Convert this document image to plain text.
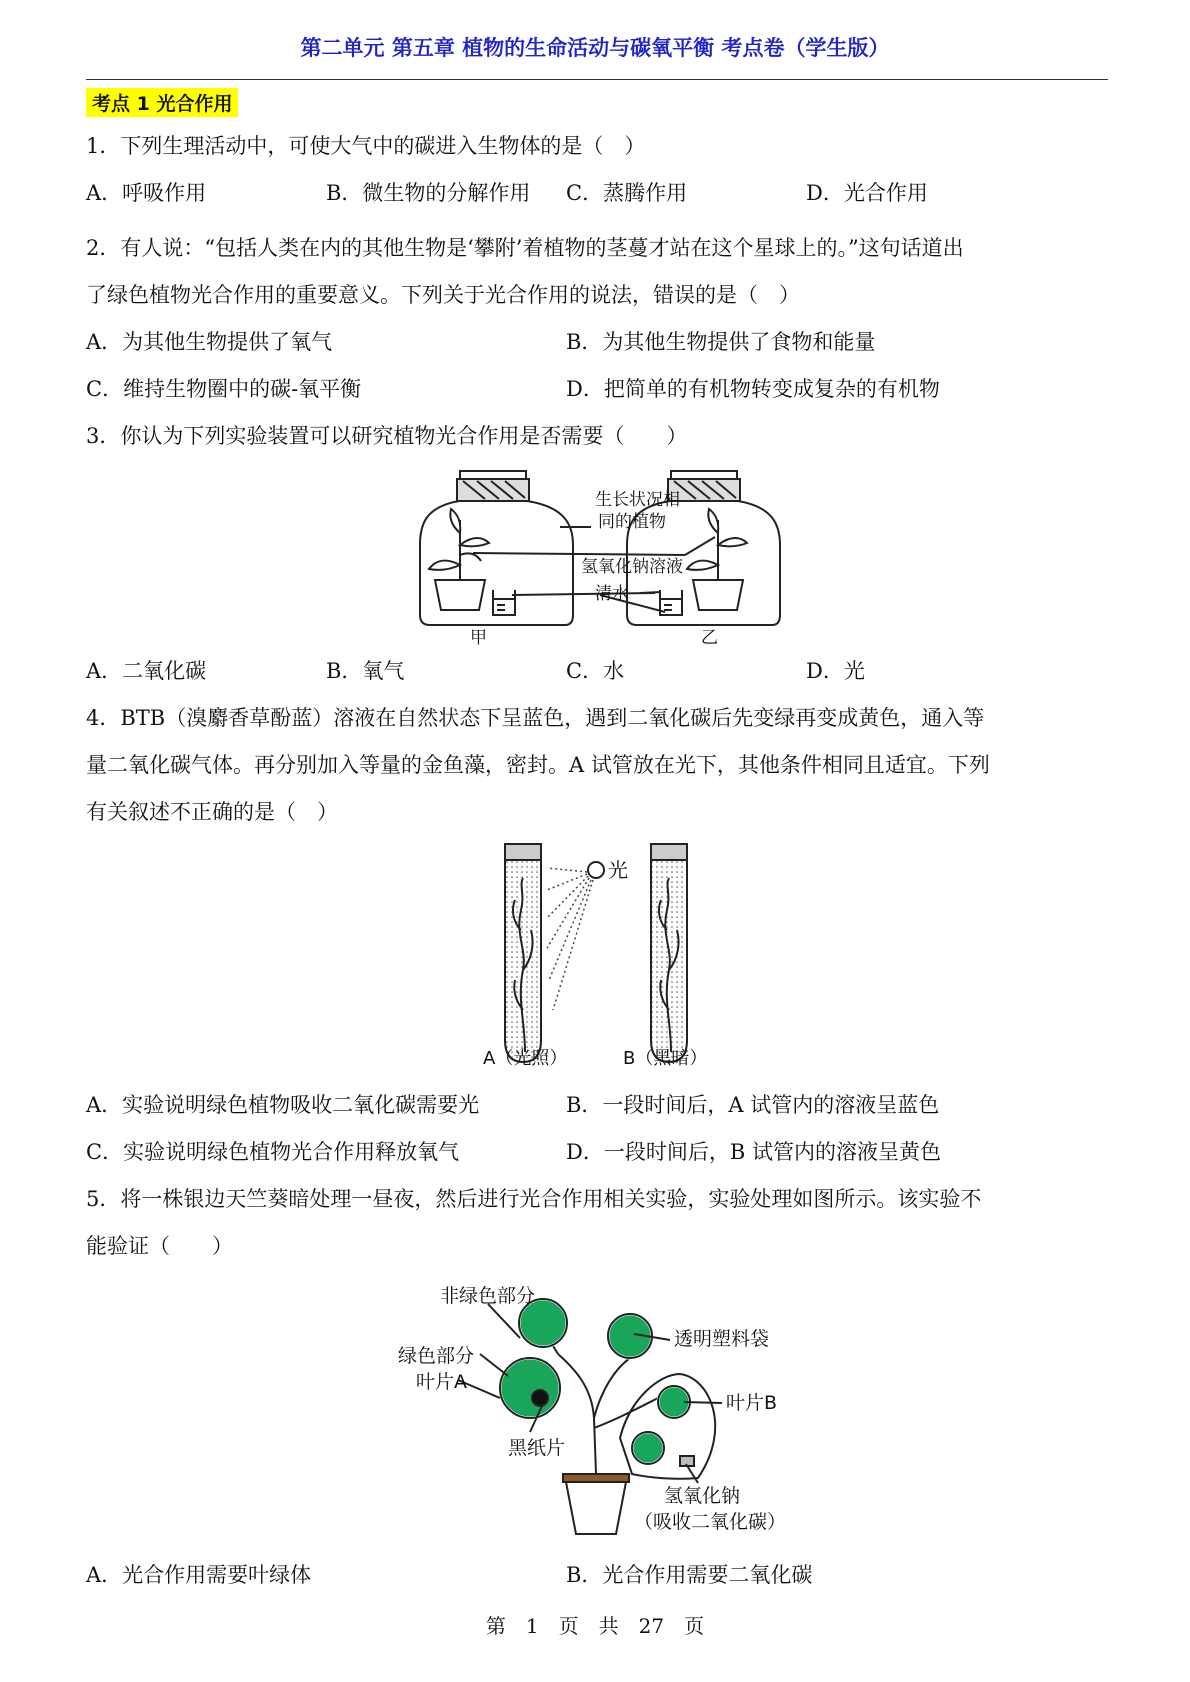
第二单元 第五章 植物的生命活动与碳氧平衡 考点卷（学生版）
考点 1 光合作用
1．下列生理活动中，可使大气中的碳进入生物体的是（　）
A．呼吸作用	B．微生物的分解作用 C．蒸腾作用	D．光合作用
2．有人说：“包括人类在内的其他生物是‘攀附’着植物的茎蔓才站在这个星球上的。”这句话道出
了绿色植物光合作用的重要意义。下列关于光合作用的说法，错误的是（　）
A．为其他生物提供了氧气	B．为其他生物提供了食物和能量
C．维持生物圈中的碳-氧平衡	D．把简单的有机物转变成复杂的有机物
3．你认为下列实验装置可以研究植物光合作用是否需要（　　）
生长状况相
同的植物
氢氧化钠溶液
清水
甲	乙
A．二氧化碳	B．氧气	C．水	D．光
4．BTB（溴麝香草酚蓝）溶液在自然状态下呈蓝色，遇到二氧化碳后先变绿再变成黄色，通入等
量二氧化碳气体。再分别加入等量的金鱼藻，密封。A 试管放在光下，其他条件相同且适宜。下列
有关叙述不正确的是（　）
光
A（光照）	B（黑暗）
A．实验说明绿色植物吸收二氧化碳需要光	B．一段时间后，A 试管内的溶液呈蓝色
C．实验说明绿色植物光合作用释放氧气	D．一段时间后，B 试管内的溶液呈黄色
5．将一株银边天竺葵暗处理一昼夜，然后进行光合作用相关实验，实验处理如图所示。该实验不
能验证（　　）
非绿色部分
绿色部分
叶片A
透明塑料袋
叶片B
黑纸片
氢氧化钠
（吸收二氧化碳）
A．光合作用需要叶绿体	B．光合作用需要二氧化碳
第　1　页　共　27　页
